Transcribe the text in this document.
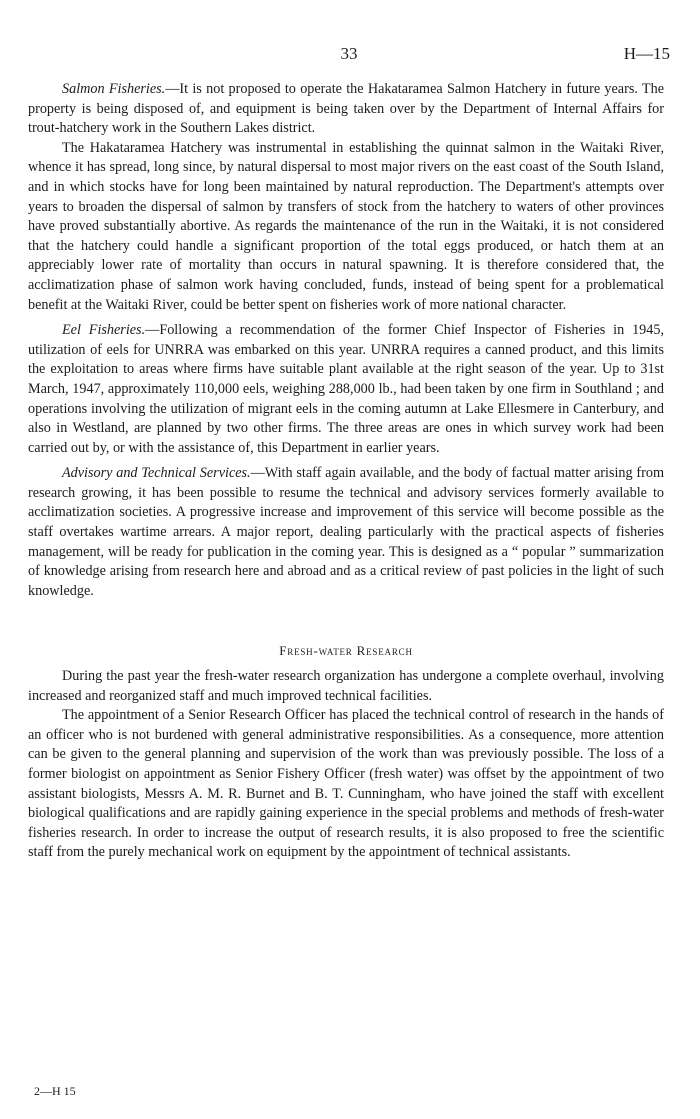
33	H—15

Salmon Fisheries.—It is not proposed to operate the Hakataramea Salmon Hatchery in future years. The property is being disposed of, and equipment is being taken over by the Department of Internal Affairs for trout-hatchery work in the Southern Lakes district.

The Hakataramea Hatchery was instrumental in establishing the quinnat salmon in the Waitaki River, whence it has spread, long since, by natural dispersal to most major rivers on the east coast of the South Island, and in which stocks have for long been maintained by natural reproduction. The Department's attempts over years to broaden the dispersal of salmon by transfers of stock from the hatchery to waters of other provinces have proved substantially abortive. As regards the maintenance of the run in the Waitaki, it is not considered that the hatchery could handle a significant proportion of the total eggs produced, or hatch them at an appreciably lower rate of mortality than occurs in natural spawning. It is therefore considered that, the acclimatization phase of salmon work having concluded, funds, instead of being spent for a problematical benefit at the Waitaki River, could be better spent on fisheries work of more national character.

Eel Fisheries.—Following a recommendation of the former Chief Inspector of Fisheries in 1945, utilization of eels for UNRRA was embarked on this year. UNRRA requires a canned product, and this limits the exploitation to areas where firms have suitable plant available at the right season of the year. Up to 31st March, 1947, approximately 110,000 eels, weighing 288,000 lb., had been taken by one firm in Southland ; and operations involving the utilization of migrant eels in the coming autumn at Lake Ellesmere in Canterbury, and also in Westland, are planned by two other firms. The three areas are ones in which survey work had been carried out by, or with the assistance of, this Department in earlier years.

Advisory and Technical Services.—With staff again available, and the body of factual matter arising from research growing, it has been possible to resume the technical and advisory services formerly available to acclimatization societies. A progressive increase and improvement of this service will become possible as the staff overtakes wartime arrears. A major report, dealing particularly with the practical aspects of fisheries management, will be ready for publication in the coming year. This is designed as a “ popular ” summarization of knowledge arising from research here and abroad and as a critical review of past policies in the light of such knowledge.

Fresh-water Research

During the past year the fresh-water research organization has undergone a complete overhaul, involving increased and reorganized staff and much improved technical facilities.

The appointment of a Senior Research Officer has placed the technical control of research in the hands of an officer who is not burdened with general administrative responsibilities. As a consequence, more attention can be given to the general planning and supervision of the work than was previously possible. The loss of a former biologist on appointment as Senior Fishery Officer (fresh water) was offset by the appointment of two assistant biologists, Messrs A. M. R. Burnet and B. T. Cunningham, who have joined the staff with excellent biological qualifications and are rapidly gaining experience in the special problems and methods of fresh-water fisheries research. In order to increase the output of research results, it is also proposed to free the scientific staff from the purely mechanical work on equipment by the appointment of technical assistants.

2—H 15
